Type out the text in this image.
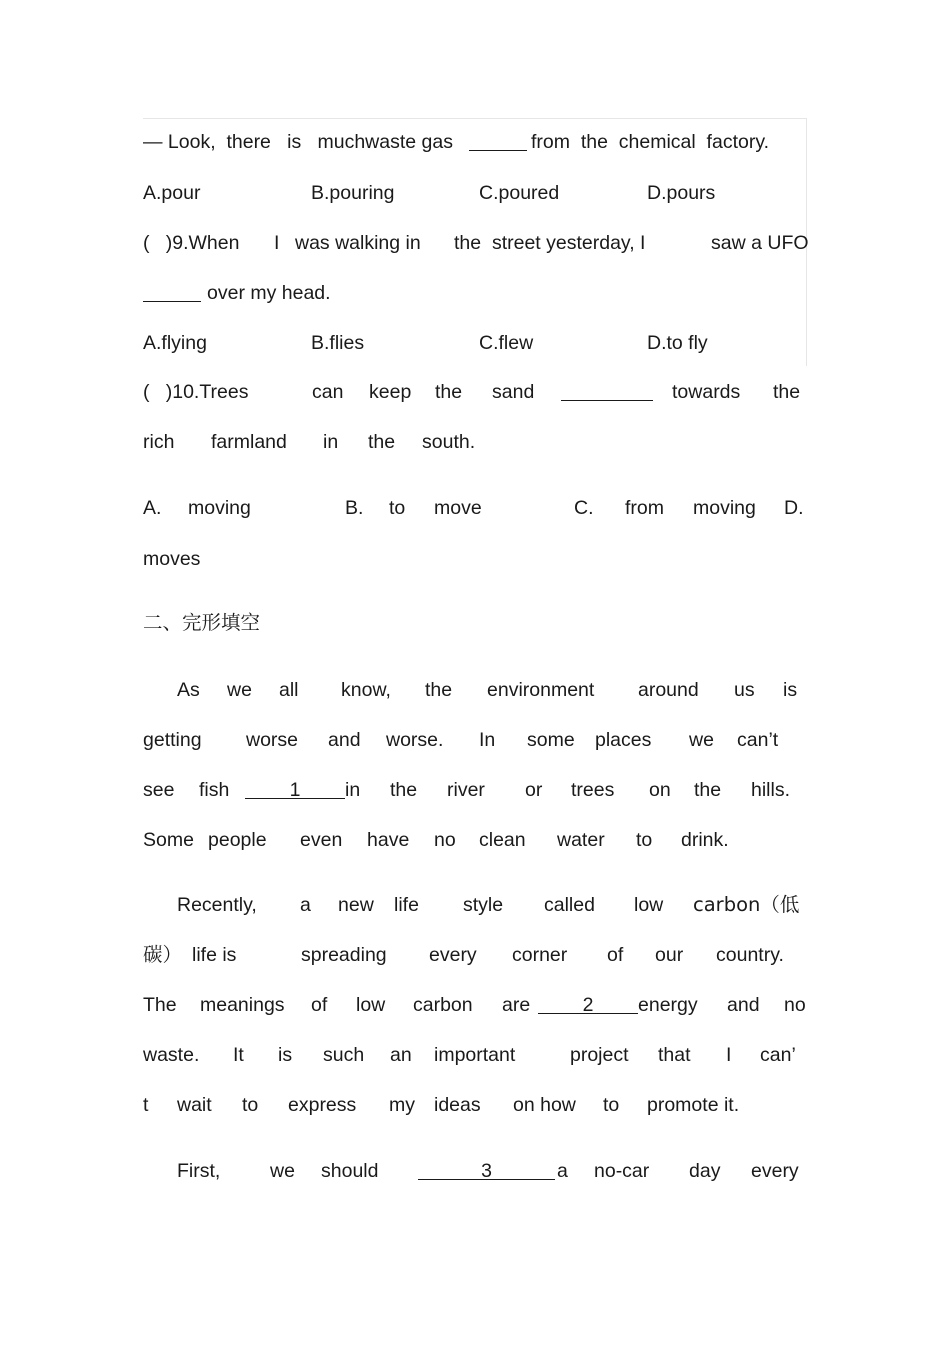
— Look,  there   is   muchwaste gas	from  the  chemical  factory.
A.pour	B.pouring	C.poured	D.pours
(   )9.When I was walking in the  street yesterday, I	saw a UFO
over my head.
A.flying	B.flies	C.flew	D.to fly
(   )10.Trees	can keep the sand	towards the
rich farmland in the south.
A. moving	B. to move	C. from moving D.
moves
二、完形填空
As we all know, the environment around us is
getting worse and worse. In some places we can’t
see fish	1	in the river or trees on the hills.
Some people even have no clean water to drink.
Recently, a new life style called low carbon（低
碳） life is	spreading every corner of our country.
The meanings of low carbon are	2	energy and no
waste. It is such an important	project that I can’
t wait to express my ideas on how to promote it.
First,	we should	3	a no-car day every
